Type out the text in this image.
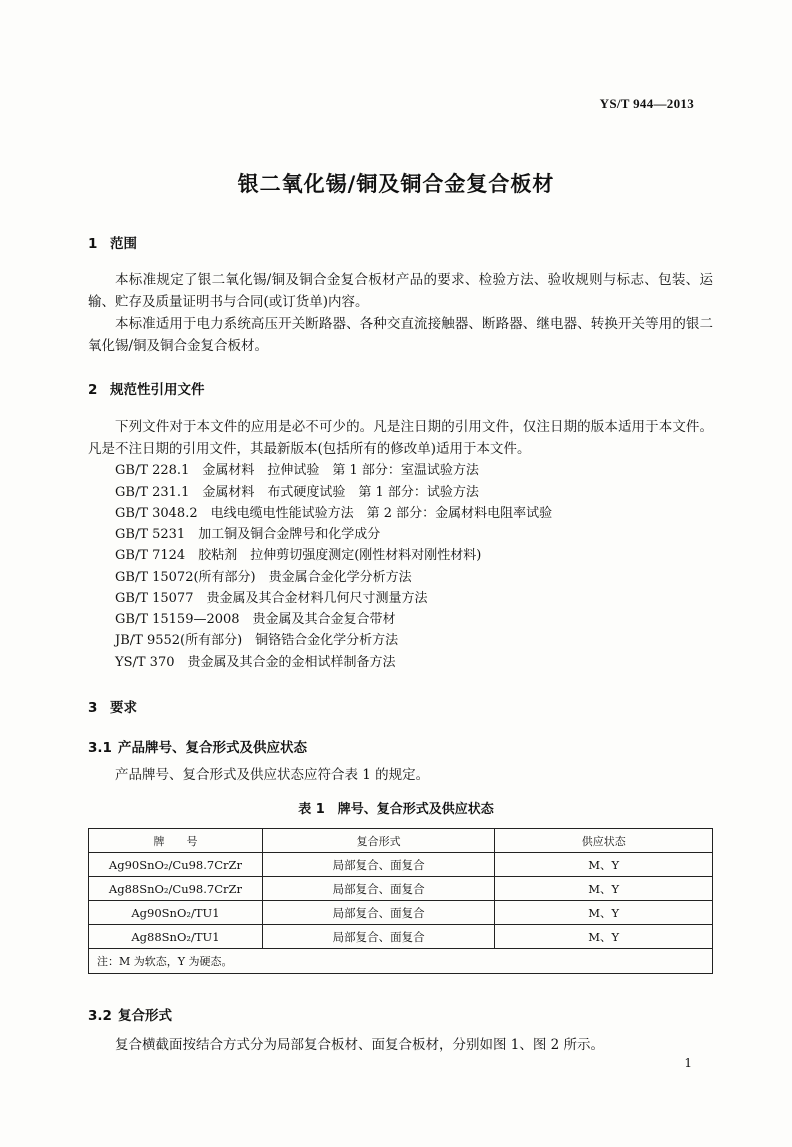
YS/T 944—2013
银二氧化锡/铜及铜合金复合板材
1 范围
本标准规定了银二氧化锡/铜及铜合金复合板材产品的要求、检验方法、验收规则与标志、包装、运输、贮存及质量证明书与合同(或订货单)内容。
本标准适用于电力系统高压开关断路器、各种交直流接触器、断路器、继电器、转换开关等用的银二氧化锡/铜及铜合金复合板材。
2 规范性引用文件
下列文件对于本文件的应用是必不可少的。凡是注日期的引用文件，仅注日期的版本适用于本文件。凡是不注日期的引用文件，其最新版本(包括所有的修改单)适用于本文件。
GB/T 228.1　金属材料　拉伸试验　第 1 部分：室温试验方法
GB/T 231.1　金属材料　布式硬度试验　第 1 部分：试验方法
GB/T 3048.2　电线电缆电性能试验方法　第 2 部分：金属材料电阻率试验
GB/T 5231　加工铜及铜合金牌号和化学成分
GB/T 7124　胶粘剂　拉伸剪切强度测定(刚性材料对刚性材料)
GB/T 15072(所有部分)　贵金属合金化学分析方法
GB/T 15077　贵金属及其合金材料几何尺寸测量方法
GB/T 15159—2008　贵金属及其合金复合带材
JB/T 9552(所有部分)　铜铬锆合金化学分析方法
YS/T 370　贵金属及其合金的金相试样制备方法
3 要求
3.1 产品牌号、复合形式及供应状态
产品牌号、复合形式及供应状态应符合表 1 的规定。
表 1　牌号、复合形式及供应状态
牌　　号	复合形式	供应状态
Ag90SnO₂/Cu98.7CrZr	局部复合、面复合	M、Y
Ag88SnO₂/Cu98.7CrZr	局部复合、面复合	M、Y
Ag90SnO₂/TU1	局部复合、面复合	M、Y
Ag88SnO₂/TU1	局部复合、面复合	M、Y
注：M 为软态，Y 为硬态。		
3.2 复合形式
复合横截面按结合方式分为局部复合板材、面复合板材，分别如图 1、图 2 所示。
1
